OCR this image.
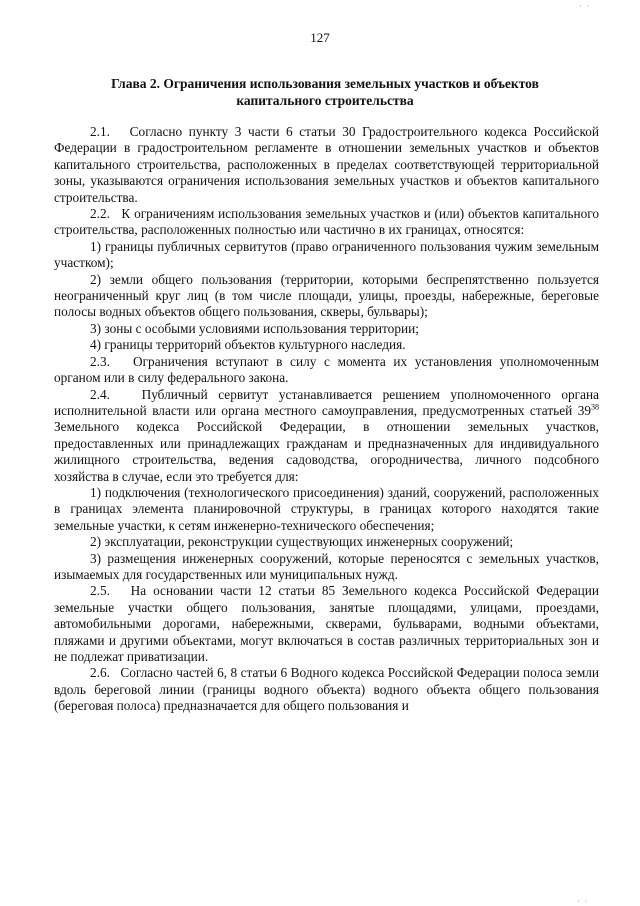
· ·
127
Глава 2. Ограничения использования земельных участков и объектов
капитального строительства

2.1.   Согласно пункту 3 части 6 статьи 30 Градостроительного кодекса Российской Федерации в градостроительном регламенте в отношении земельных участков и объектов капитального строительства, расположенных в пределах соответствующей территориальной зоны, указываются ограничения использования земельных участков и объектов капитального строительства.

2.2.   К ограничениям использования земельных участков и (или) объектов капитального строительства, расположенных полностью или частично в их границах, относятся:

1) границы публичных сервитутов (право ограниченного пользования чужим земельным участком);

2) земли общего пользования (территории, которыми беспрепятственно пользуется неограниченный круг лиц (в том числе площади, улицы, проезды, набережные, береговые полосы водных объектов общего пользования, скверы, бульвары);

3) зоны с особыми условиями использования территории;

4) границы территорий объектов культурного наследия.

2.3.   Ограничения вступают в силу с момента их установления уполномоченным органом или в силу федерального закона.

2.4.   Публичный сервитут устанавливается решением уполномоченного органа исполнительной власти или органа местного самоуправления, предусмотренных статьей $39^{38}$ Земельного кодекса Российской Федерации, в отношении земельных участков, предоставленных или принадлежащих гражданам и предназначенных для индивидуального жилищного строительства, ведения садоводства, огородничества, личного подсобного хозяйства в случае, если это требуется для:

1) подключения (технологического присоединения) зданий, сооружений, расположенных в границах элемента планировочной структуры, в границах которого находятся такие земельные участки, к сетям инженерно-технического обеспечения;

2) эксплуатации, реконструкции существующих инженерных сооружений;

3) размещения инженерных сооружений, которые переносятся с земельных участков, изымаемых для государственных или муниципальных нужд.

2.5.   На основании части 12 статьи 85 Земельного кодекса Российской Федерации земельные участки общего пользования, занятые площадями, улицами, проездами, автомобильными дорогами, набережными, скверами, бульварами, водными объектами, пляжами и другими объектами, могут включаться в состав различных территориальных зон и не подлежат приватизации.

2.6.   Согласно частей 6, 8 статьи 6 Водного кодекса Российской Федерации полоса земли вдоль береговой линии (границы водного объекта) водного объекта общего пользования (береговая полоса) предназначается для общего пользования и

· ·
